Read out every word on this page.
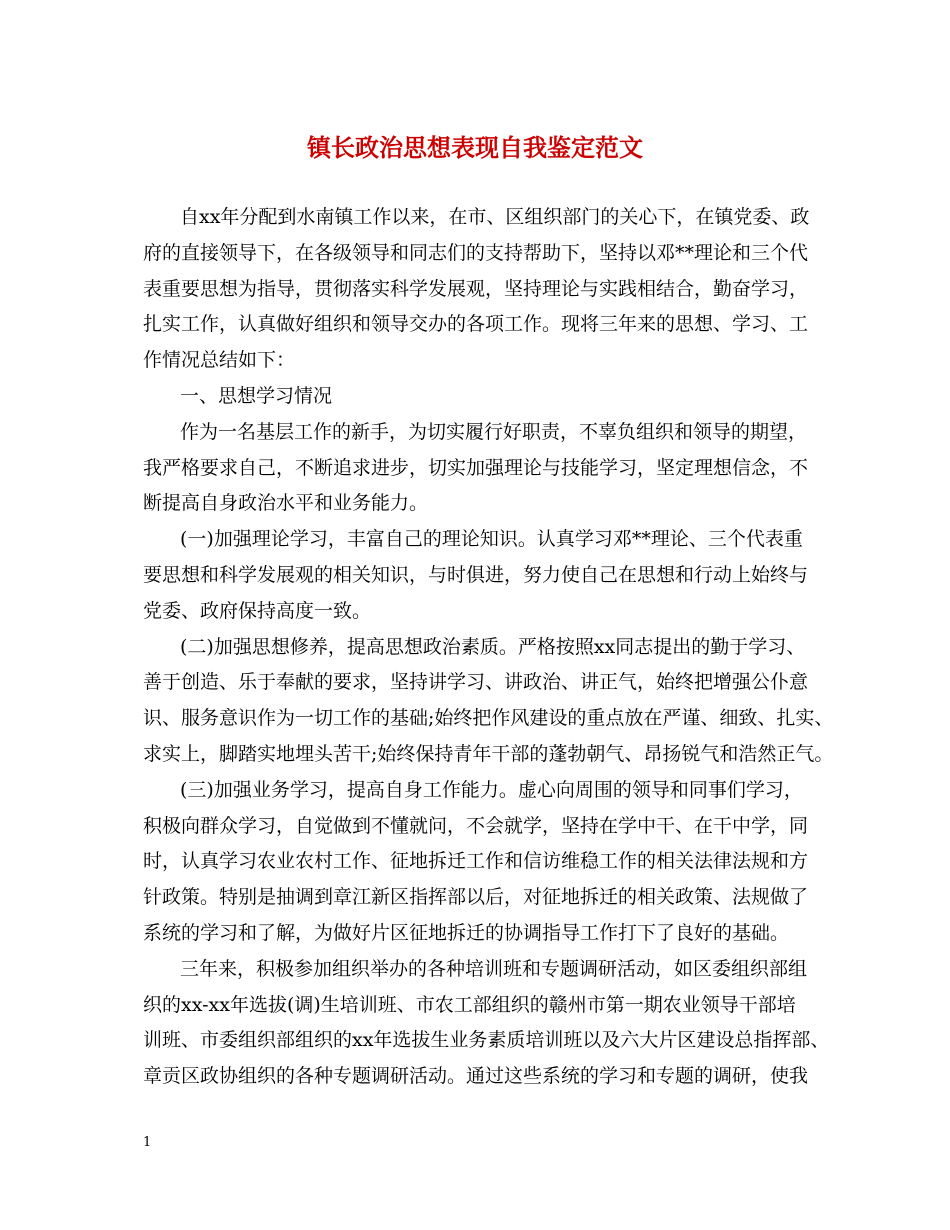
镇长政治思想表现自我鉴定范文
自xx年分配到水南镇工作以来，在市、区组织部门的关心下，在镇党委、政
府的直接领导下，在各级领导和同志们的支持帮助下，坚持以邓**理论和三个代
表重要思想为指导，贯彻落实科学发展观，坚持理论与实践相结合，勤奋学习，
扎实工作，认真做好组织和领导交办的各项工作。现将三年来的思想、学习、工
作情况总结如下：
一、思想学习情况
作为一名基层工作的新手，为切实履行好职责，不辜负组织和领导的期望，
我严格要求自己，不断追求进步，切实加强理论与技能学习，坚定理想信念，不
断提高自身政治水平和业务能力。
(一)加强理论学习，丰富自己的理论知识。认真学习邓**理论、三个代表重
要思想和科学发展观的相关知识，与时俱进，努力使自己在思想和行动上始终与
党委、政府保持高度一致。
(二)加强思想修养，提高思想政治素质。严格按照xx同志提出的勤于学习、
善于创造、乐于奉献的要求，坚持讲学习、讲政治、讲正气，始终把增强公仆意
识、服务意识作为一切工作的基础;始终把作风建设的重点放在严谨、细致、扎实、
求实上，脚踏实地埋头苦干;始终保持青年干部的蓬勃朝气、昂扬锐气和浩然正气。
(三)加强业务学习，提高自身工作能力。虚心向周围的领导和同事们学习，
积极向群众学习，自觉做到不懂就问，不会就学，坚持在学中干、在干中学，同
时，认真学习农业农村工作、征地拆迁工作和信访维稳工作的相关法律法规和方
针政策。特别是抽调到章江新区指挥部以后，对征地拆迁的相关政策、法规做了
系统的学习和了解，为做好片区征地拆迁的协调指导工作打下了良好的基础。
三年来，积极参加组织举办的各种培训班和专题调研活动，如区委组织部组
织的xx-xx年选拔(调)生培训班、市农工部组织的赣州市第一期农业领导干部培
训班、市委组织部组织的xx年选拔生业务素质培训班以及六大片区建设总指挥部、
章贡区政协组织的各种专题调研活动。通过这些系统的学习和专题的调研，使我
1
